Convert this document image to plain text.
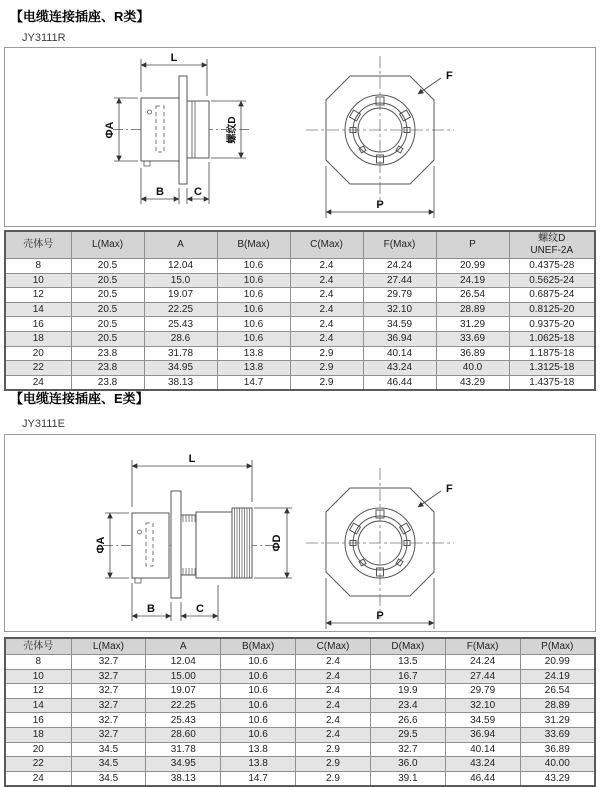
【电缆连接插座、R类】
JY3111R
L
ΦA	螺纹D
B	C
F
P
壳体号	L(Max)	A	B(Max)	C(Max)	F(Max)	P	螺纹D
UNEF-2A

8	20.5	12.04	10.6	2.4	24.24	20.99	0.4375-28
10	20.5	15.0	10.6	2.4	27.44	24.19	0.5625-24
12	20.5	19.07	10.6	2.4	29.79	26.54	0.6875-24
14	20.5	22.25	10.6	2.4	32.10	28.89	0.8125-20
16	20.5	25.43	10.6	2.4	34.59	31.29	0.9375-20
18	20.5	28.6	10.6	2.4	36.94	33.69	1.0625-18
20	23.8	31.78	13.8	2.9	40.14	36.89	1.1875-18
22	23.8	34.95	13.8	2.9	43.24	40.0	1.3125-18
24	23.8	38.13	14.7	2.9	46.44	43.29	1.4375-18
【电缆连接插座、E类】
JY3111E
L
ΦA	ΦD
B	C
F
P
壳体号	L(Max)	A	B(Max)	C(Max)	D(Max)	F(Max)	P(Max)

8	32.7	12.04	10.6	2.4	13.5	24.24	20.99
10	32.7	15.00	10.6	2.4	16.7	27.44	24.19
12	32.7	19.07	10.6	2.4	19.9	29.79	26.54
14	32.7	22.25	10.6	2.4	23.4	32.10	28.89
16	32.7	25.43	10.6	2.4	26.6	34.59	31.29
18	32.7	28.60	10.6	2.4	29.5	36.94	33.69
20	34.5	31.78	13.8	2.9	32.7	40.14	36.89
22	34.5	34.95	13.8	2.9	36.0	43.24	40.00
24	34.5	38.13	14.7	2.9	39.1	46.44	43.29
